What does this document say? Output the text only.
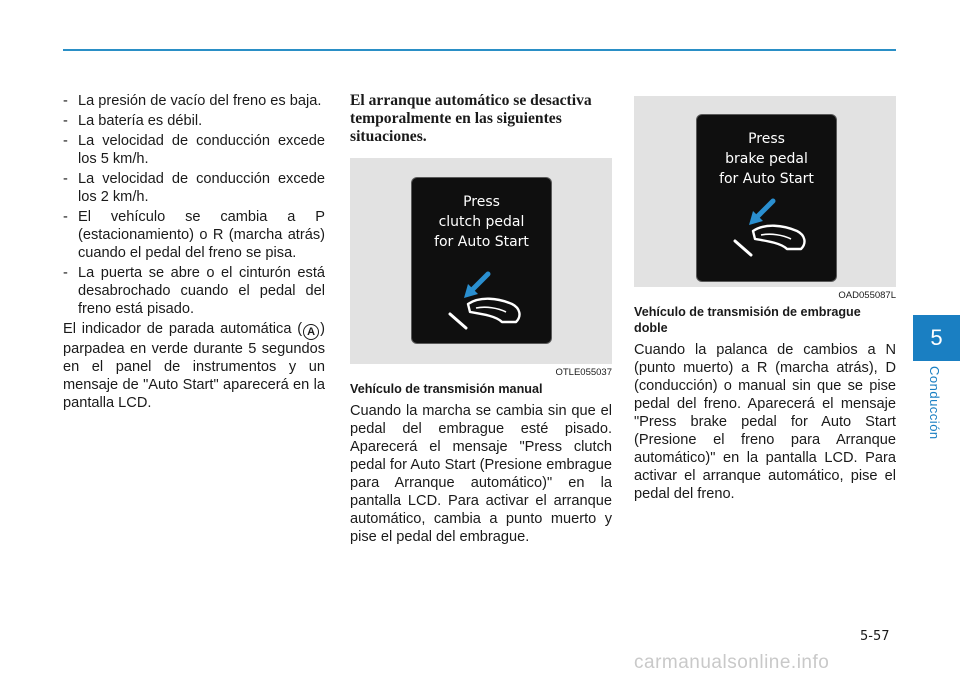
- La presión de vacío del freno es baja.
- La batería es débil.
- La velocidad de conducción excede los 5 km/h.
- La velocidad de conducción excede los 2 km/h.
- El vehículo se cambia a P (estacionamiento) o R (marcha atrás) cuando el pedal del freno se pisa.
- La puerta se abre o el cinturón está desabrochado cuando el pedal del freno está pisado.

El indicador de parada automática ( A ) parpadea en verde durante 5 segundos en el panel de instrumentos y un mensaje de "Auto Start" aparecerá en la pantalla LCD.

El arranque automático se desactiva temporalmente en las siguientes situaciones.
Press
clutch pedal
for Auto Start
OTLE055037
Vehículo de transmisión manual

Cuando la marcha se cambia sin que el pedal del embrague esté pisado. Aparecerá el mensaje "Press clutch pedal for Auto Start (Presione embrague para Arranque automático)" en la pantalla LCD. Para activar el arranque automático, cambia a punto muerto y pise el pedal del embrague.

Press
brake pedal
for Auto Start
OAD055087L
Vehículo de transmisión de embrague doble

Cuando la palanca de cambios a N (punto muerto) a R (marcha atrás), D (conducción) o manual sin que se pise pedal del freno. Aparecerá el mensaje "Press brake pedal for Auto Start (Presione el freno para Arranque automático)" en la pantalla LCD. Para activar el arranque automático, pise el pedal del freno.

5
Conducción
5-57
carmanualsonline.info
